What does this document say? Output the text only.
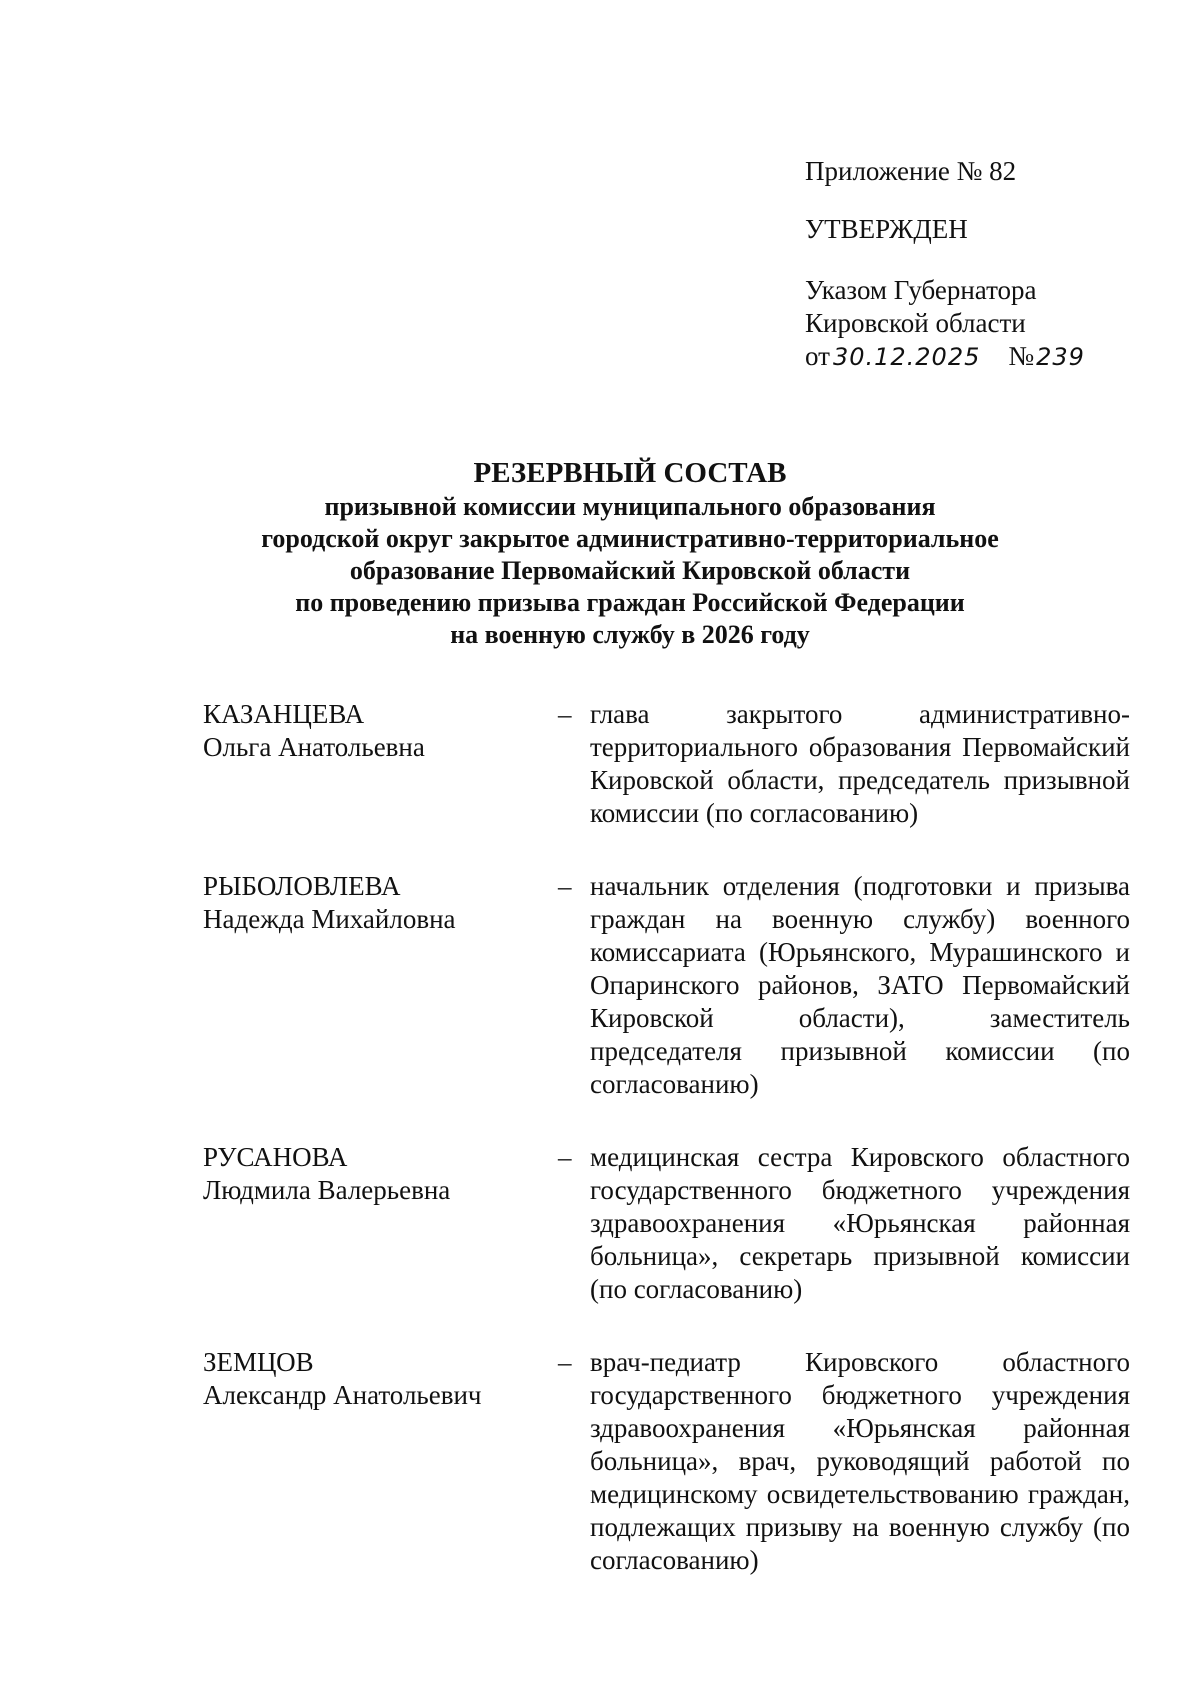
Приложение № 82
УТВЕРЖДЕН
Указом Губернатора
Кировской области
от 30.12.2025 №239
РЕЗЕРВНЫЙ СОСТАВ
призывной комиссии муниципального образования
городской округ закрытое административно-территориальное
образование Первомайский Кировской области
по проведению призыва граждан Российской Федерации
на военную службу в 2026 году
КАЗАНЦЕВА
Ольга Анатольевна
– глава закрытого административно-территориального образования Первомайский Кировской области, председатель призывной комиссии (по согласованию)
РЫБОЛОВЛЕВА
Надежда Михайловна
– начальник отделения (подготовки и призыва граждан на военную службу) военного комиссариата (Юрьянского, Мурашинского и Опаринского районов, ЗАТО Первомайский Кировской области), заместитель председателя призывной комиссии (по согласованию)
РУСАНОВА
Людмила Валерьевна
– медицинская сестра Кировского областного государственного бюджетного учреждения здравоохранения «Юрьянская районная больница», секретарь призывной комиссии (по согласованию)
ЗЕМЦОВ
Александр Анатольевич
– врач-педиатр Кировского областного государственного бюджетного учреждения здравоохранения «Юрьянская районная больница», врач, руководящий работой по медицинскому освидетельствованию граждан, подлежащих призыву на военную службу (по согласованию)
